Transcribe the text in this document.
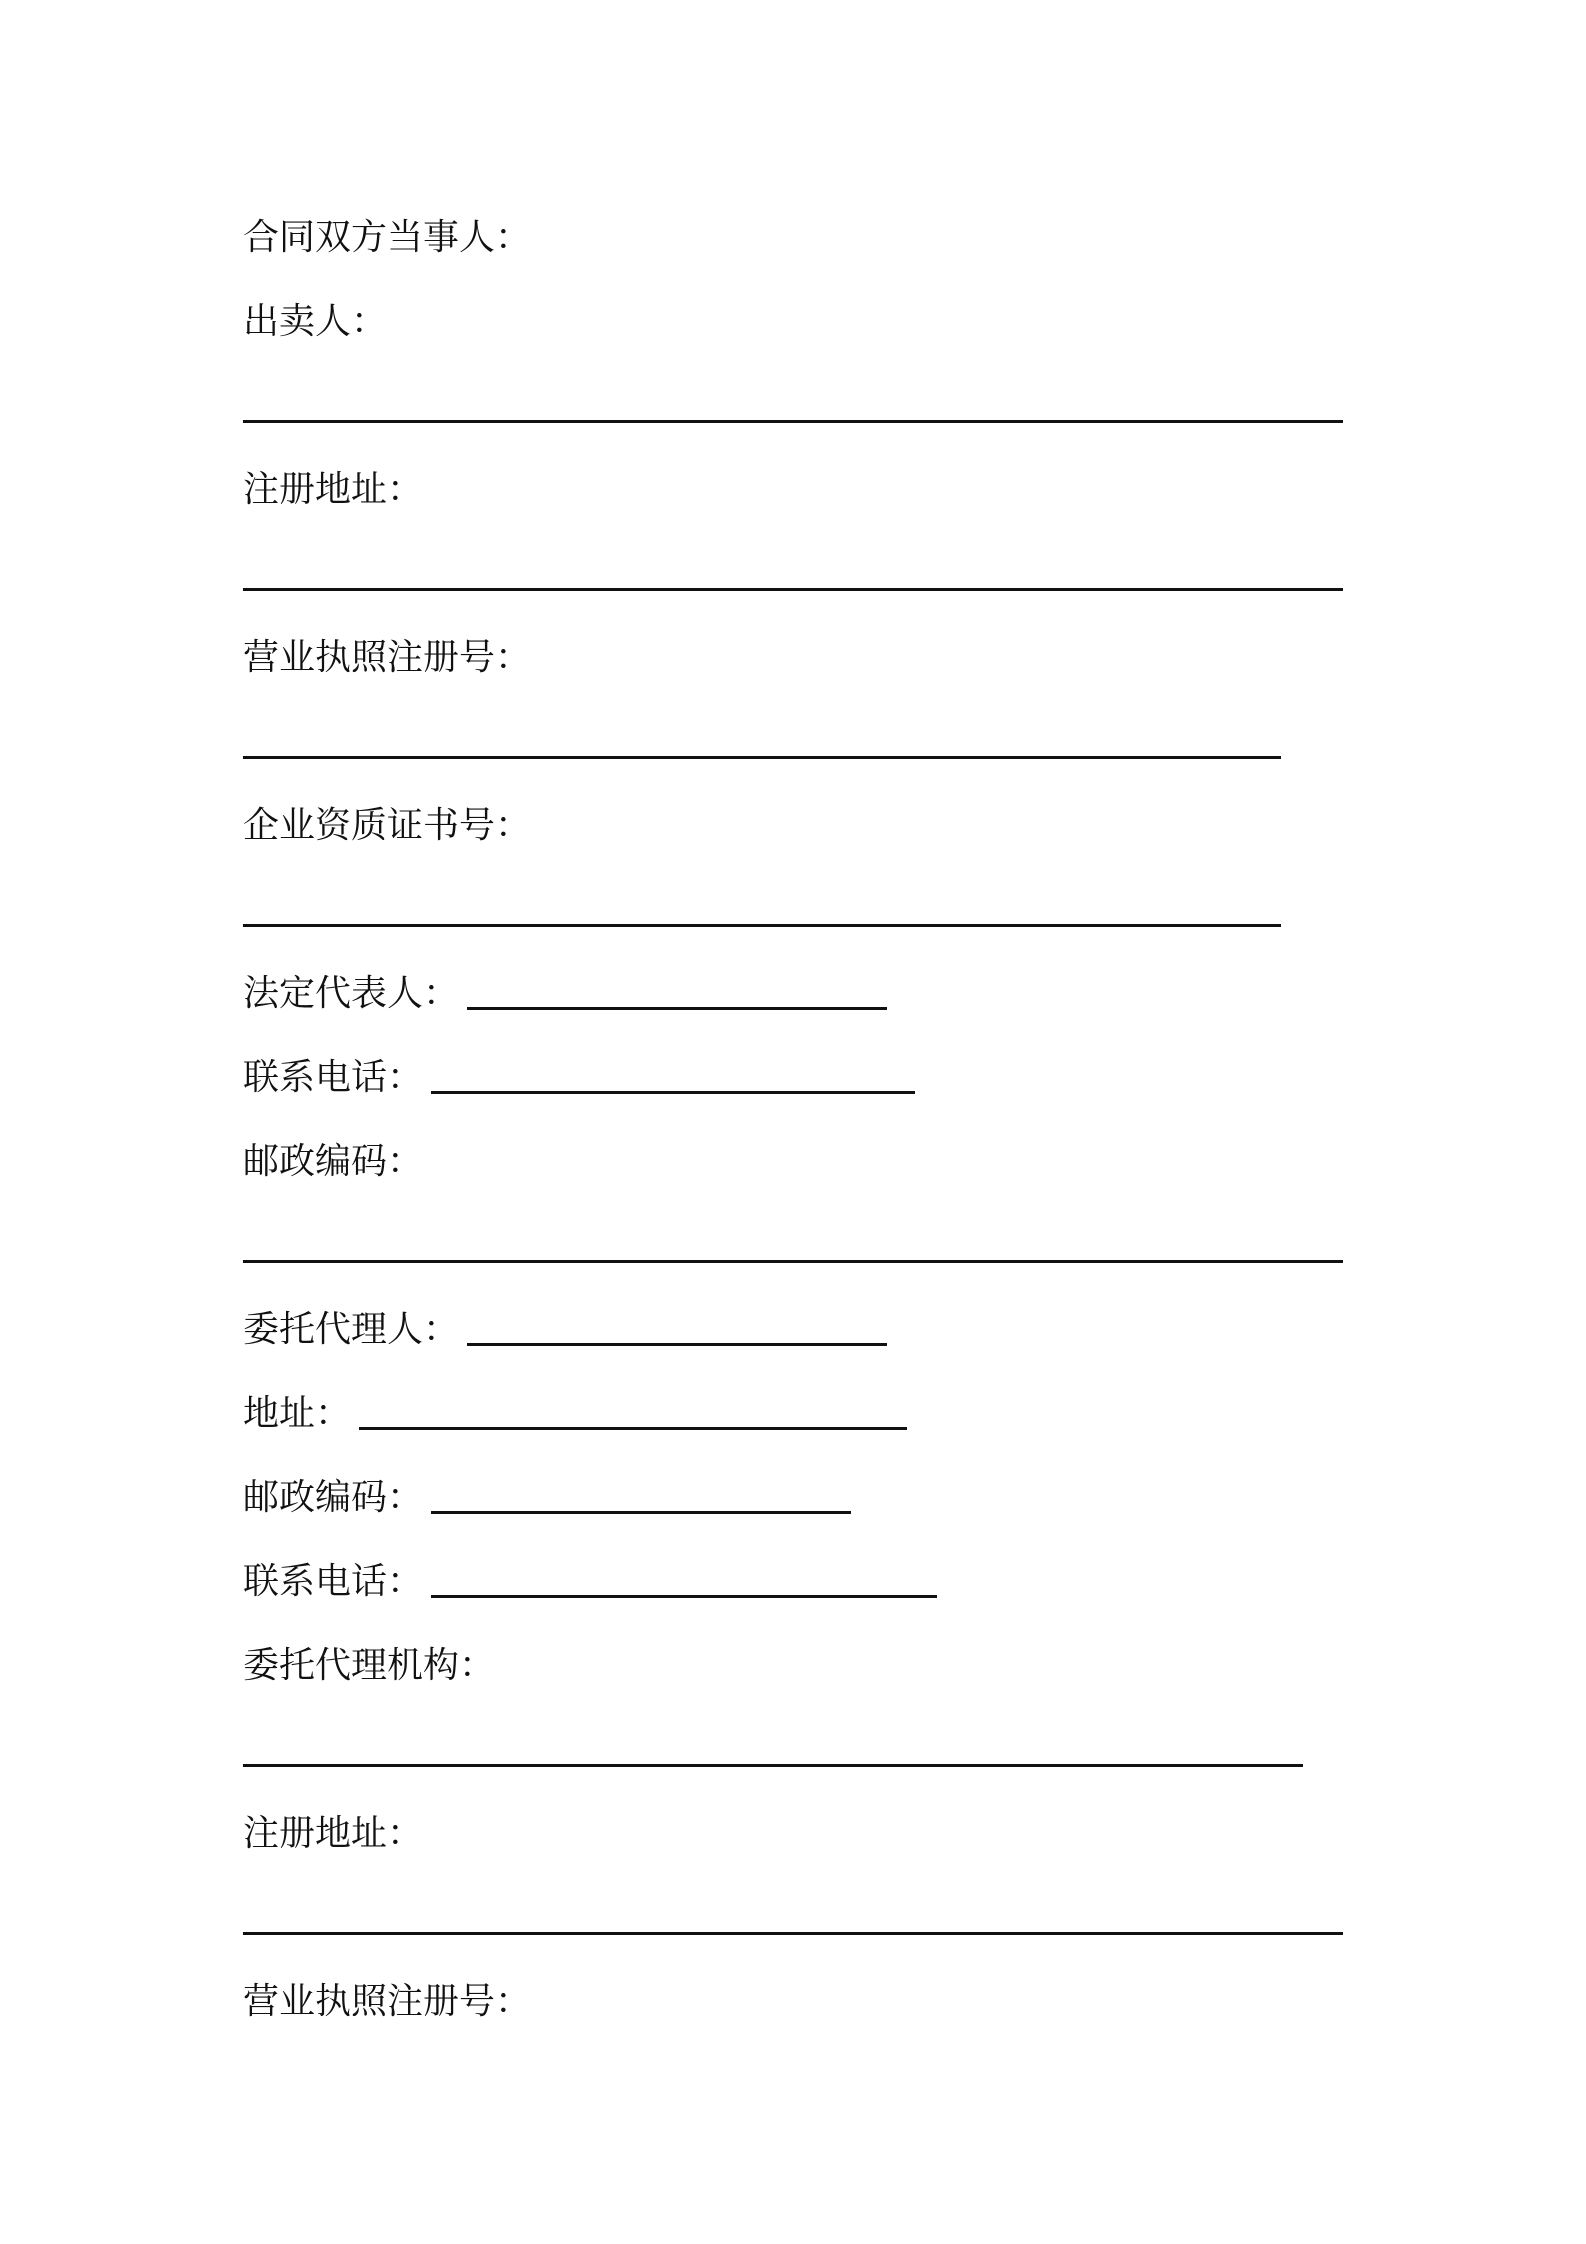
合同双方当事人：
出卖人：
注册地址：
营业执照注册号：
企业资质证书号：
法定代表人：
联系电话：
邮政编码：
委托代理人：
地址：
邮政编码：
联系电话：
委托代理机构：
注册地址：
营业执照注册号：
